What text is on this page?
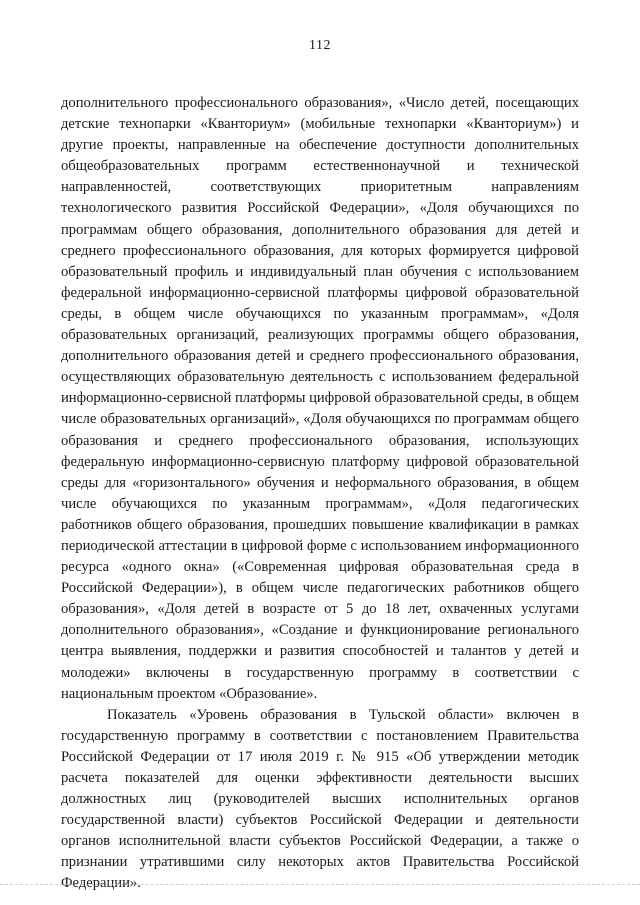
112

дополнительного профессионального образования», «Число детей, посещающих детские технопарки «Кванториум» (мобильные технопарки «Кванториум») и другие проекты, направленные на обеспечение доступности дополнительных общеобразовательных программ естественнонаучной и технической направленностей, соответствующих приоритетным направлениям технологического развития Российской Федерации», «Доля обучающихся по программам общего образования, дополнительного образования для детей и среднего профессионального образования, для которых формируется цифровой образовательный профиль и индивидуальный план обучения с использованием федеральной информационно-сервисной платформы цифровой образовательной среды, в общем числе обучающихся по указанным программам», «Доля образовательных организаций, реализующих программы общего образования, дополнительного образования детей и среднего профессионального образования, осуществляющих образовательную деятельность с использованием федеральной информационно-сервисной платформы цифровой образовательной среды, в общем числе образовательных организаций», «Доля обучающихся по программам общего образования и среднего профессионального образования, использующих федеральную информационно-сервисную платформу цифровой образовательной среды для «горизонтального» обучения и неформального образования, в общем числе обучающихся по указанным программам», «Доля педагогических работников общего образования, прошедших повышение квалификации в рамках периодической аттестации в цифровой форме с использованием информационного ресурса «одного окна» («Современная цифровая образовательная среда в Российской Федерации»), в общем числе педагогических работников общего образования», «Доля детей в возрасте от 5 до 18 лет, охваченных услугами дополнительного образования», «Создание и функционирование регионального центра выявления, поддержки и развития способностей и талантов у детей и молодежи» включены в государственную программу в соответствии с национальным проектом «Образование».

Показатель «Уровень образования в Тульской области» включен в государственную программу в соответствии с постановлением Правительства Российской Федерации от 17 июля 2019 г. № 915 «Об утверждении методик расчета показателей для оценки эффективности деятельности высших должностных лиц (руководителей высших исполнительных органов государственной власти) субъектов Российской Федерации и деятельности органов исполнительной власти субъектов Российской Федерации, а также о признании утратившими силу некоторых актов Правительства Российской Федерации».
